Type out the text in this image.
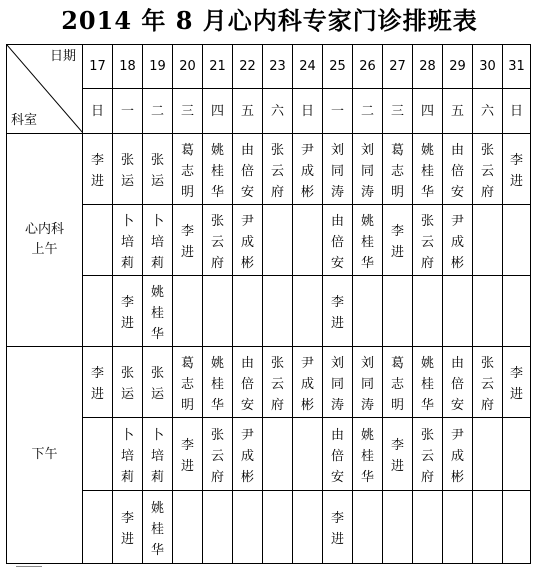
2014 年 8 月心内科专家门诊排班表
日期
科室	17	18	19	20	21	22	23	24	25	26	27	28	29	30	31
	日	一	二	三	四	五	六	日	一	二	三	四	五	六	日

心内科
上午	李进	张运	张运	葛志明	姚桂华	由倍安	张云府	尹成彬	刘同涛	刘同涛	葛志明	姚桂华	由倍安	张云府	李进

		卜培莉	卜培莉	李进	张云府	尹成彬			由倍安	姚桂华	李进	张云府	尹成彬		

		李进	姚桂华						李进						

下午	李进	张运	张运	葛志明	姚桂华	由倍安	张云府	尹成彬	刘同涛	刘同涛	葛志明	姚桂华	由倍安	张云府	李进

		卜培莉	卜培莉	李进	张云府	尹成彬			由倍安	姚桂华	李进	张云府	尹成彬		

		李进	姚桂华						李进						
